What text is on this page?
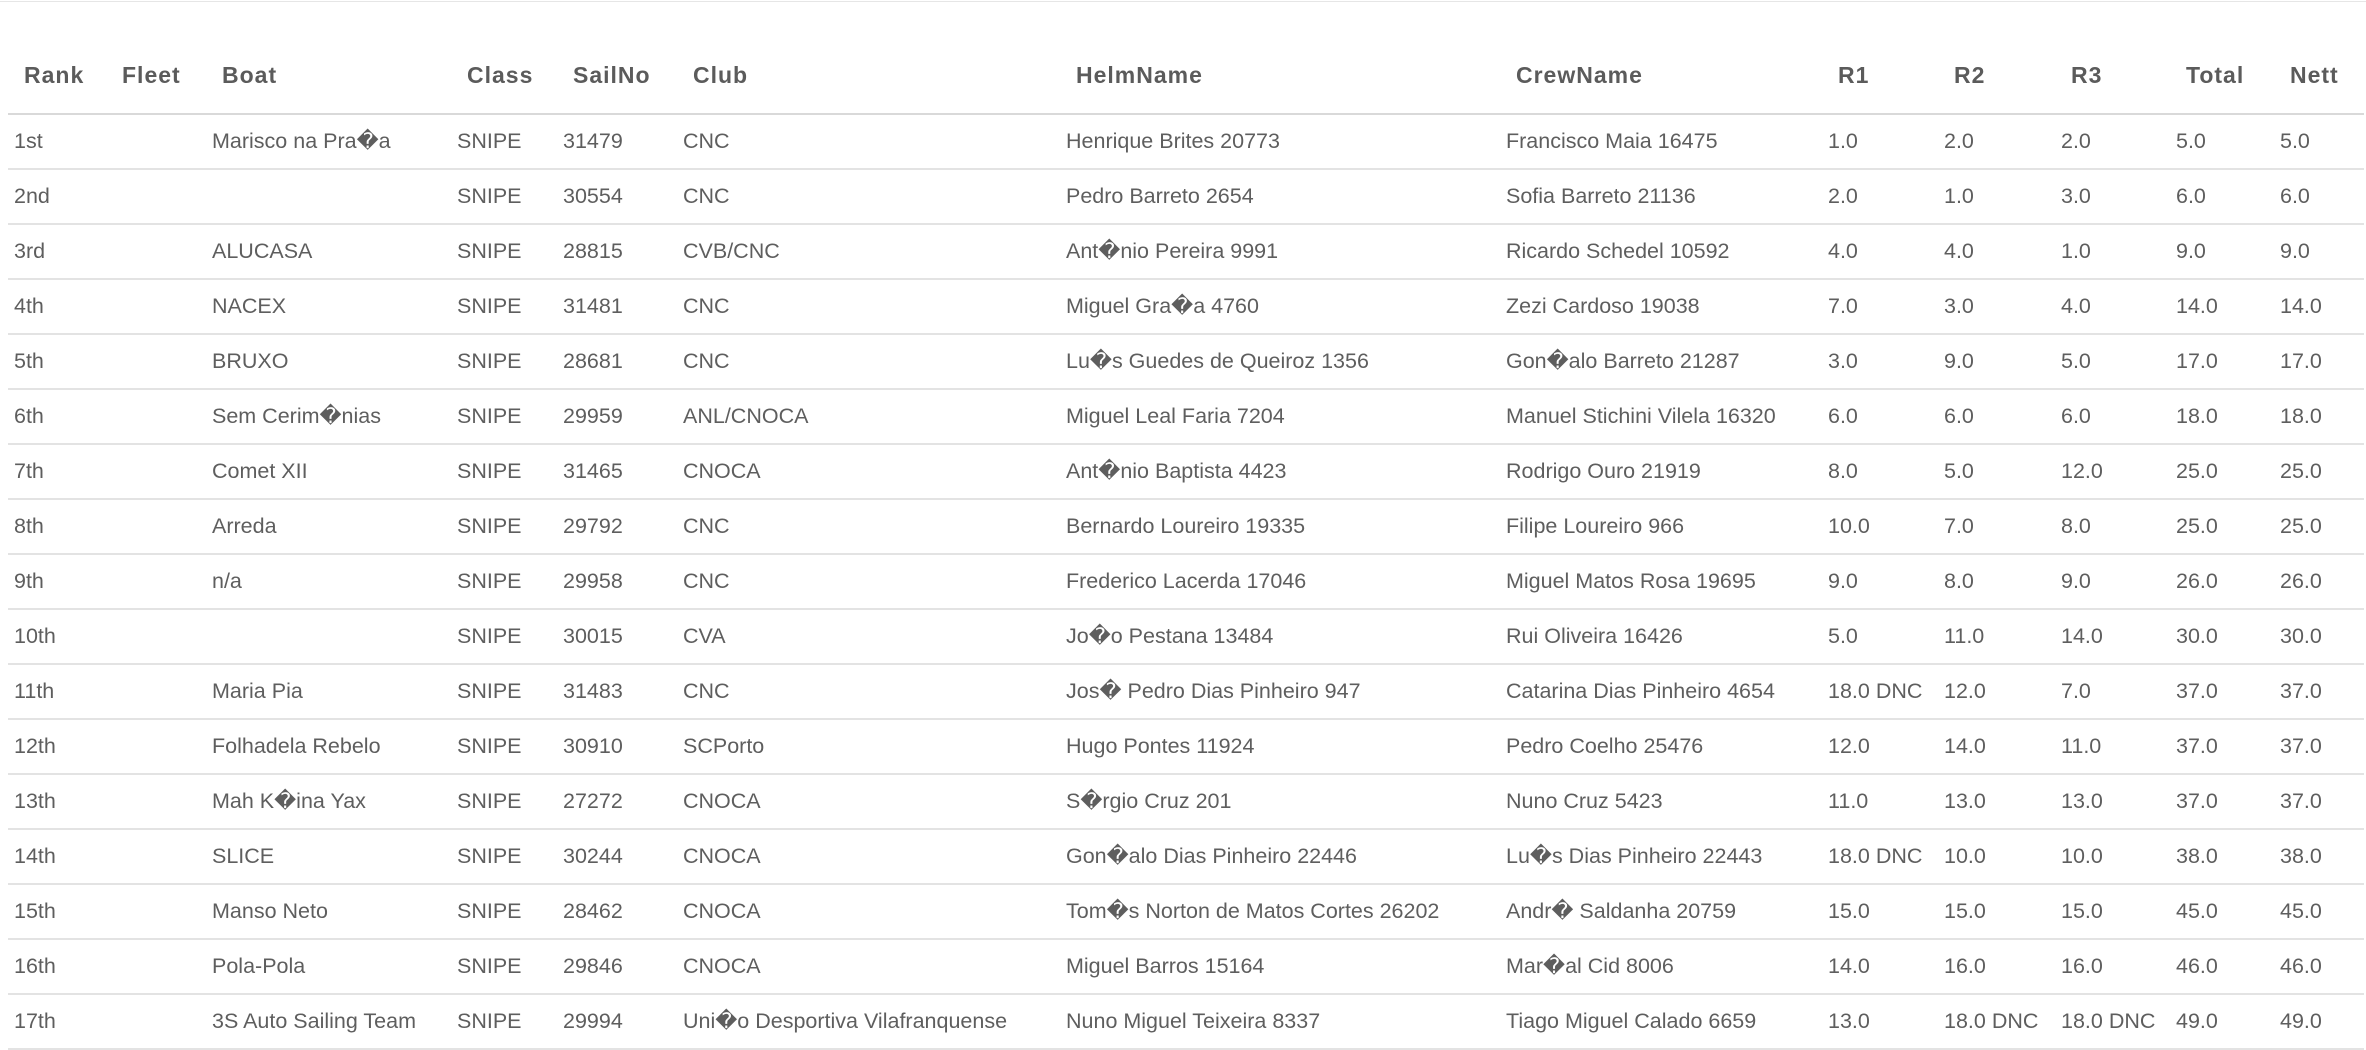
Rank	Fleet	Boat	Class	SailNo	Club	HelmName	CrewName	R1	R2	R3	Total	Nett
1st		Marisco na Pra�a	SNIPE	31479	CNC	Henrique Brites 20773	Francisco Maia 16475	1.0	2.0	2.0	5.0	5.0
2nd			SNIPE	30554	CNC	Pedro Barreto 2654	Sofia Barreto 21136	2.0	1.0	3.0	6.0	6.0
3rd		ALUCASA	SNIPE	28815	CVB/CNC	Ant�nio Pereira 9991	Ricardo Schedel 10592	4.0	4.0	1.0	9.0	9.0
4th		NACEX	SNIPE	31481	CNC	Miguel Gra�a 4760	Zezi Cardoso 19038	7.0	3.0	4.0	14.0	14.0
5th		BRUXO	SNIPE	28681	CNC	Lu�s Guedes de Queiroz 1356	Gon�alo Barreto 21287	3.0	9.0	5.0	17.0	17.0
6th		Sem Cerim�nias	SNIPE	29959	ANL/CNOCA	Miguel Leal Faria 7204	Manuel Stichini Vilela 16320	6.0	6.0	6.0	18.0	18.0
7th		Comet XII	SNIPE	31465	CNOCA	Ant�nio Baptista 4423	Rodrigo Ouro 21919	8.0	5.0	12.0	25.0	25.0
8th		Arreda	SNIPE	29792	CNC	Bernardo Loureiro 19335	Filipe Loureiro 966	10.0	7.0	8.0	25.0	25.0
9th		n/a	SNIPE	29958	CNC	Frederico Lacerda 17046	Miguel Matos Rosa 19695	9.0	8.0	9.0	26.0	26.0
10th			SNIPE	30015	CVA	Jo�o Pestana 13484	Rui Oliveira 16426	5.0	11.0	14.0	30.0	30.0
11th		Maria Pia	SNIPE	31483	CNC	Jos� Pedro Dias Pinheiro 947	Catarina Dias Pinheiro 4654	18.0 DNC	12.0	7.0	37.0	37.0
12th		Folhadela Rebelo	SNIPE	30910	SCPorto	Hugo Pontes 11924	Pedro Coelho 25476	12.0	14.0	11.0	37.0	37.0
13th		Mah K�ina Yax	SNIPE	27272	CNOCA	S�rgio Cruz 201	Nuno Cruz 5423	11.0	13.0	13.0	37.0	37.0
14th		SLICE	SNIPE	30244	CNOCA	Gon�alo Dias Pinheiro 22446	Lu�s Dias Pinheiro 22443	18.0 DNC	10.0	10.0	38.0	38.0
15th		Manso Neto	SNIPE	28462	CNOCA	Tom�s Norton de Matos Cortes 26202	Andr� Saldanha 20759	15.0	15.0	15.0	45.0	45.0
16th		Pola-Pola	SNIPE	29846	CNOCA	Miguel Barros 15164	Mar�al Cid 8006	14.0	16.0	16.0	46.0	46.0
17th		3S Auto Sailing Team	SNIPE	29994	Uni�o Desportiva Vilafranquense	Nuno Miguel Teixeira 8337	Tiago Miguel Calado 6659	13.0	18.0 DNC	18.0 DNC	49.0	49.0
